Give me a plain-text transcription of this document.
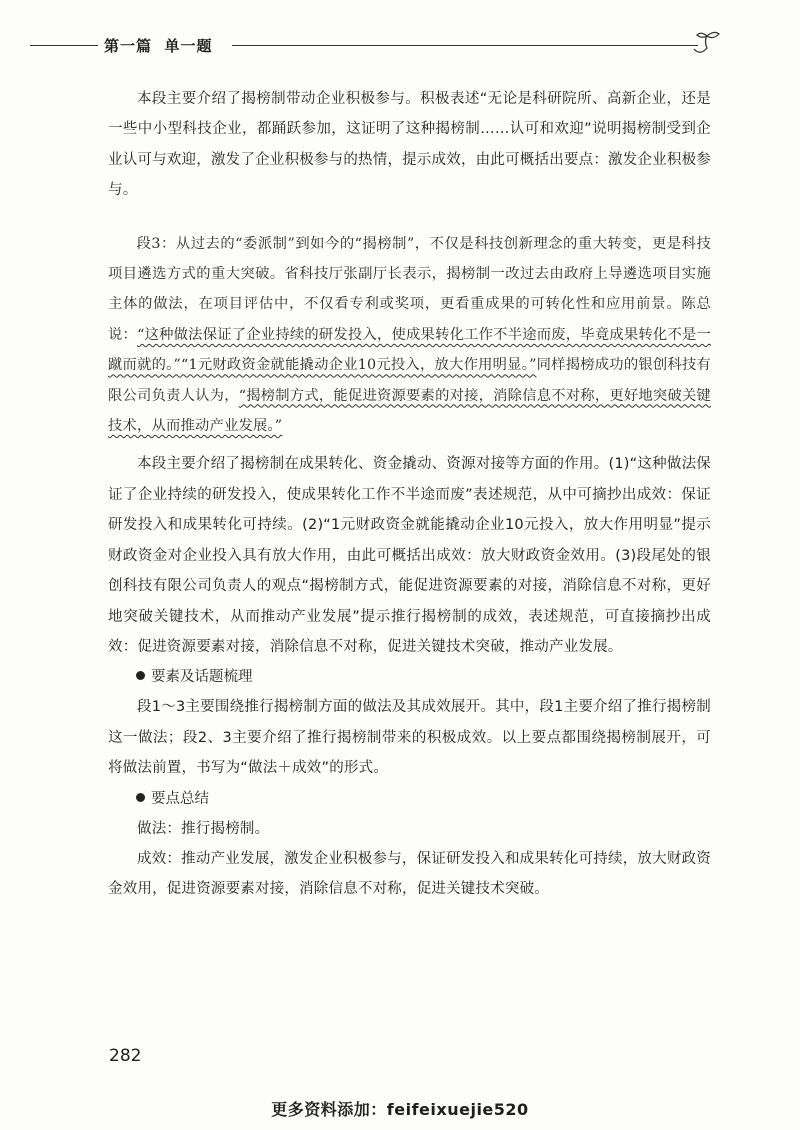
第一篇  单一题

本段主要介绍了揭榜制带动企业积极参与。积极表述“无论是科研院所、高新企业，还是一些中小型科技企业，都踊跃参加，这证明了这种揭榜制……认可和欢迎”说明揭榜制受到企业认可与欢迎，激发了企业积极参与的热情，提示成效，由此可概括出要点：激发企业积极参与。

段3：从过去的“委派制”到如今的“揭榜制”，不仅是科技创新理念的重大转变，更是科技项目遴选方式的重大突破。省科技厅张副厅长表示，揭榜制一改过去由政府上导遴选项目实施主体的做法，在项目评估中，不仅看专利或奖项，更看重成果的可转化性和应用前景。陈总说：“这种做法保证了企业持续的研发投入，使成果转化工作不半途而废，毕竟成果转化不是一蹴而就的。”“1元财政资金就能撬动企业10元投入，放大作用明显。”同样揭榜成功的银创科技有限公司负责人认为，“揭榜制方式，能促进资源要素的对接，消除信息不对称，更好地突破关键技术，从而推动产业发展。”

本段主要介绍了揭榜制在成果转化、资金撬动、资源对接等方面的作用。(1)“这种做法保证了企业持续的研发投入，使成果转化工作不半途而废”表述规范，从中可摘抄出成效：保证研发投入和成果转化可持续。(2)“1元财政资金就能撬动企业10元投入，放大作用明显”提示财政资金对企业投入具有放大作用，由此可概括出成效：放大财政资金效用。(3)段尾处的银创科技有限公司负责人的观点“揭榜制方式，能促进资源要素的对接，消除信息不对称，更好地突破关键技术，从而推动产业发展”提示推行揭榜制的成效，表述规范，可直接摘抄出成效：促进资源要素对接，消除信息不对称，促进关键技术突破，推动产业发展。

要素及话题梳理

段1～3主要围绕推行揭榜制方面的做法及其成效展开。其中，段1主要介绍了推行揭榜制这一做法；段2、3主要介绍了推行揭榜制带来的积极成效。以上要点都围绕揭榜制展开，可将做法前置，书写为“做法＋成效”的形式。

要点总结

做法：推行揭榜制。

成效：推动产业发展，激发企业积极参与，保证研发投入和成果转化可持续，放大财政资金效用，促进资源要素对接，消除信息不对称，促进关键技术突破。

282
更多资料添加：feifeixuejie520
